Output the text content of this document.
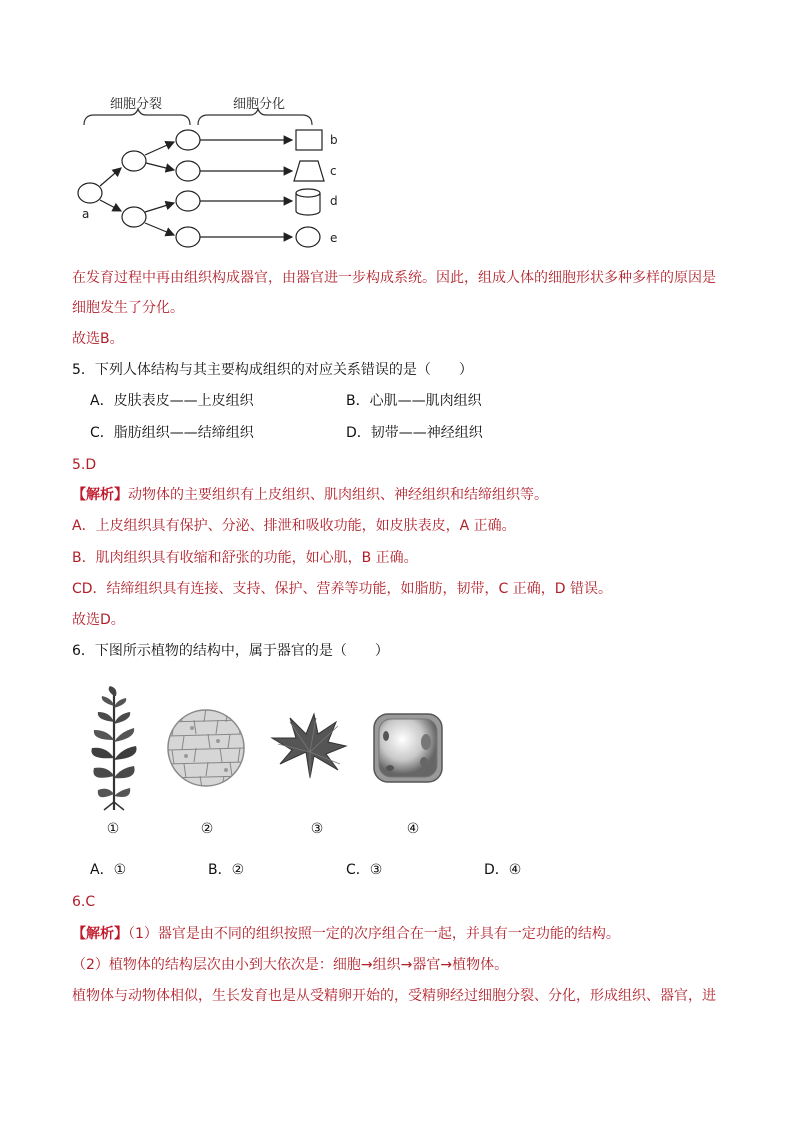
细胞分裂	细胞分化
a
b
c
d
e
在发育过程中再由组织构成器官，由器官进一步构成系统。因此，组成人体的细胞形状多种多样的原因是
细胞发生了分化。
故选B。
5．下列人体结构与其主要构成组织的对应关系错误的是（　　）
A．皮肤表皮——上皮组织	B．心肌——肌肉组织
C．脂肪组织——结缔组织	D．韧带——神经组织
5.D
【解析】动物体的主要组织有上皮组织、肌肉组织、神经组织和结缔组织等。
A．上皮组织具有保护、分泌、排泄和吸收功能，如皮肤表皮，A 正确。
B．肌肉组织具有收缩和舒张的功能，如心肌，B 正确。
CD．结缔组织具有连接、支持、保护、营养等功能，如脂肪，韧带，C 正确，D 错误。
故选D。
6．下图所示植物的结构中，属于器官的是（　　）
①	②	③	④
A．①	B．②	C．③	D．④
6.C
【解析】（1）器官是由不同的组织按照一定的次序组合在一起，并具有一定功能的结构。
（2）植物体的结构层次由小到大依次是：细胞→组织→器官→植物体。
植物体与动物体相似，生长发育也是从受精卵开始的，受精卵经过细胞分裂、分化，形成组织、器官，进
